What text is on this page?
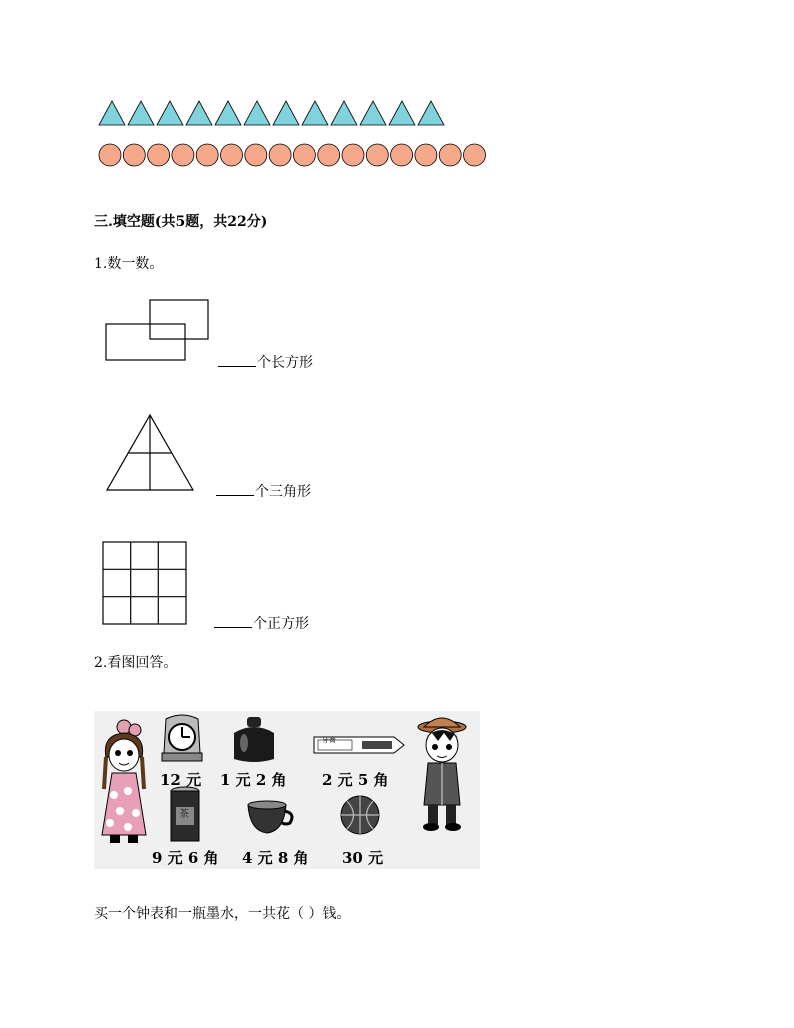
三.填空题(共5题，共22分)
1.数一数。
个长方形
个三角形
个正方形
2.看图回答。
牙膏
茶
12 元 1 元 2 角 2 元 5 角
9 元 6 角 4 元 8 角 30 元
买一个钟表和一瓶墨水，一共花（ ）钱。
